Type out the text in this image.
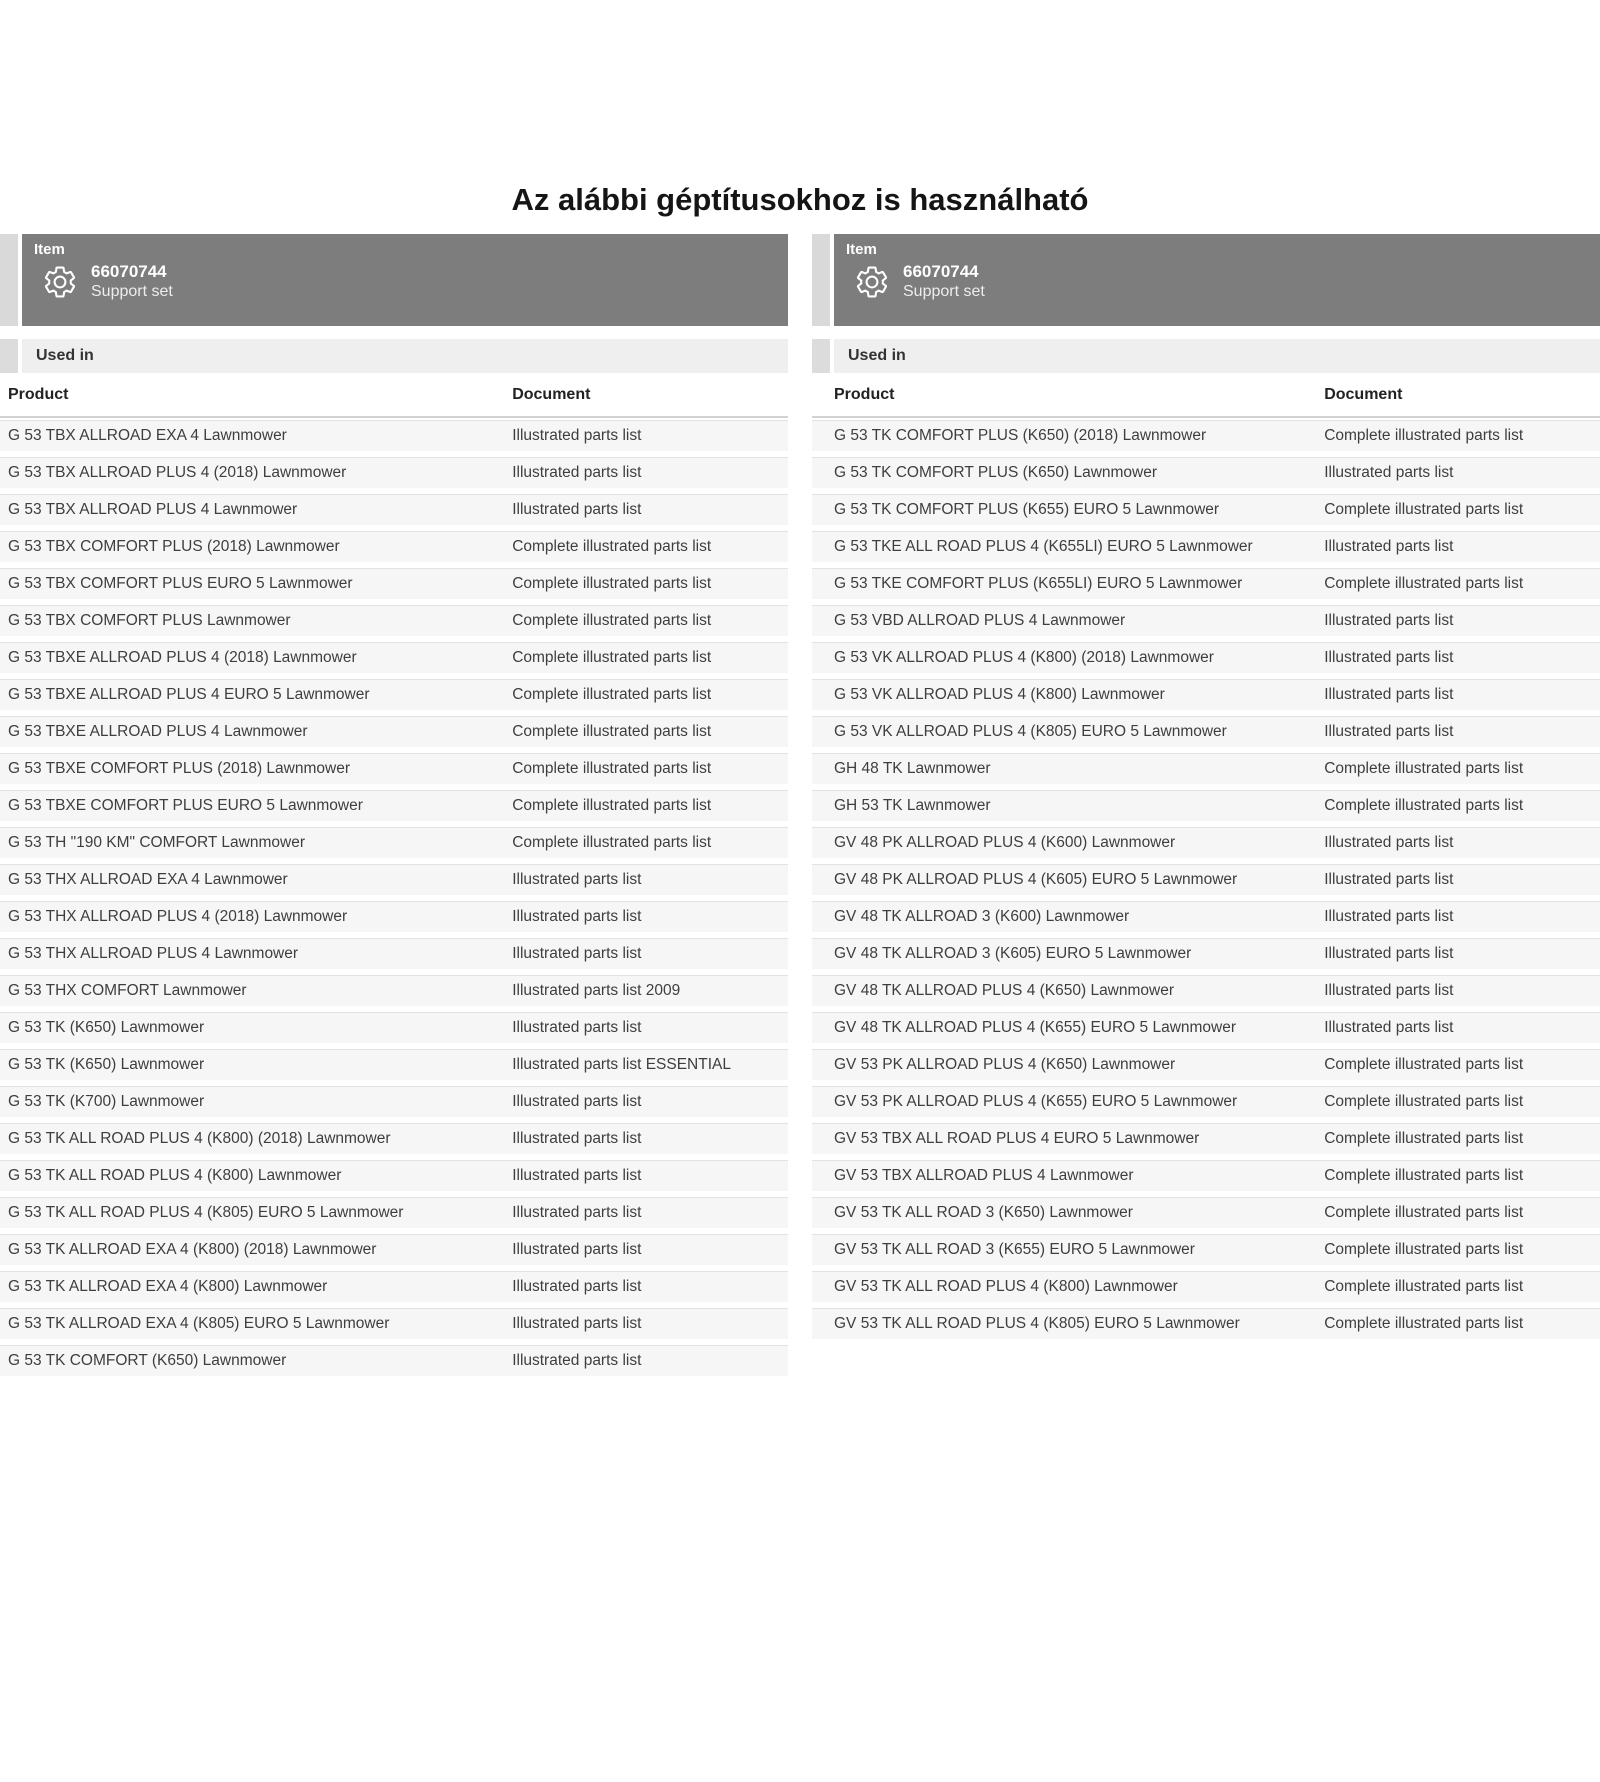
Az alábbi géptítusokhoz is használható
Item
66070744
Support set
Used in
Product	Document
G 53 TBX ALLROAD EXA 4 Lawnmower	Illustrated parts list
G 53 TBX ALLROAD PLUS 4 (2018) Lawnmower	Illustrated parts list
G 53 TBX ALLROAD PLUS 4 Lawnmower	Illustrated parts list
G 53 TBX COMFORT PLUS (2018) Lawnmower	Complete illustrated parts list
G 53 TBX COMFORT PLUS EURO 5 Lawnmower	Complete illustrated parts list
G 53 TBX COMFORT PLUS Lawnmower	Complete illustrated parts list
G 53 TBXE ALLROAD PLUS 4 (2018) Lawnmower	Complete illustrated parts list
G 53 TBXE ALLROAD PLUS 4 EURO 5 Lawnmower	Complete illustrated parts list
G 53 TBXE ALLROAD PLUS 4 Lawnmower	Complete illustrated parts list
G 53 TBXE COMFORT PLUS (2018) Lawnmower	Complete illustrated parts list
G 53 TBXE COMFORT PLUS EURO 5 Lawnmower	Complete illustrated parts list
G 53 TH "190 KM" COMFORT Lawnmower	Complete illustrated parts list
G 53 THX ALLROAD EXA 4 Lawnmower	Illustrated parts list
G 53 THX ALLROAD PLUS 4 (2018) Lawnmower	Illustrated parts list
G 53 THX ALLROAD PLUS 4 Lawnmower	Illustrated parts list
G 53 THX COMFORT Lawnmower	Illustrated parts list 2009
G 53 TK (K650) Lawnmower	Illustrated parts list
G 53 TK (K650) Lawnmower	Illustrated parts list ESSENTIAL
G 53 TK (K700) Lawnmower	Illustrated parts list
G 53 TK ALL ROAD PLUS 4 (K800) (2018) Lawnmower	Illustrated parts list
G 53 TK ALL ROAD PLUS 4 (K800) Lawnmower	Illustrated parts list
G 53 TK ALL ROAD PLUS 4 (K805) EURO 5 Lawnmower	Illustrated parts list
G 53 TK ALLROAD EXA 4 (K800) (2018) Lawnmower	Illustrated parts list
G 53 TK ALLROAD EXA 4 (K800) Lawnmower	Illustrated parts list
G 53 TK ALLROAD EXA 4 (K805) EURO 5 Lawnmower	Illustrated parts list
G 53 TK COMFORT (K650) Lawnmower	Illustrated parts list
Item
66070744
Support set
Used in
Product	Document
G 53 TK COMFORT PLUS (K650) (2018) Lawnmower	Complete illustrated parts list
G 53 TK COMFORT PLUS (K650) Lawnmower	Illustrated parts list
G 53 TK COMFORT PLUS (K655) EURO 5 Lawnmower	Complete illustrated parts list
G 53 TKE ALL ROAD PLUS 4 (K655LI) EURO 5 Lawnmower	Illustrated parts list
G 53 TKE COMFORT PLUS (K655LI) EURO 5 Lawnmower	Complete illustrated parts list
G 53 VBD ALLROAD PLUS 4 Lawnmower	Illustrated parts list
G 53 VK ALLROAD PLUS 4 (K800) (2018) Lawnmower	Illustrated parts list
G 53 VK ALLROAD PLUS 4 (K800) Lawnmower	Illustrated parts list
G 53 VK ALLROAD PLUS 4 (K805) EURO 5 Lawnmower	Illustrated parts list
GH 48 TK Lawnmower	Complete illustrated parts list
GH 53 TK Lawnmower	Complete illustrated parts list
GV 48 PK ALLROAD PLUS 4 (K600) Lawnmower	Illustrated parts list
GV 48 PK ALLROAD PLUS 4 (K605) EURO 5 Lawnmower	Illustrated parts list
GV 48 TK ALLROAD 3 (K600) Lawnmower	Illustrated parts list
GV 48 TK ALLROAD 3 (K605) EURO 5 Lawnmower	Illustrated parts list
GV 48 TK ALLROAD PLUS 4 (K650) Lawnmower	Illustrated parts list
GV 48 TK ALLROAD PLUS 4 (K655) EURO 5 Lawnmower	Illustrated parts list
GV 53 PK ALLROAD PLUS 4 (K650) Lawnmower	Complete illustrated parts list
GV 53 PK ALLROAD PLUS 4 (K655) EURO 5 Lawnmower	Complete illustrated parts list
GV 53 TBX ALL ROAD PLUS 4 EURO 5 Lawnmower	Complete illustrated parts list
GV 53 TBX ALLROAD PLUS 4 Lawnmower	Complete illustrated parts list
GV 53 TK ALL ROAD 3 (K650) Lawnmower	Complete illustrated parts list
GV 53 TK ALL ROAD 3 (K655) EURO 5 Lawnmower	Complete illustrated parts list
GV 53 TK ALL ROAD PLUS 4 (K800) Lawnmower	Complete illustrated parts list
GV 53 TK ALL ROAD PLUS 4 (K805) EURO 5 Lawnmower	Complete illustrated parts list
